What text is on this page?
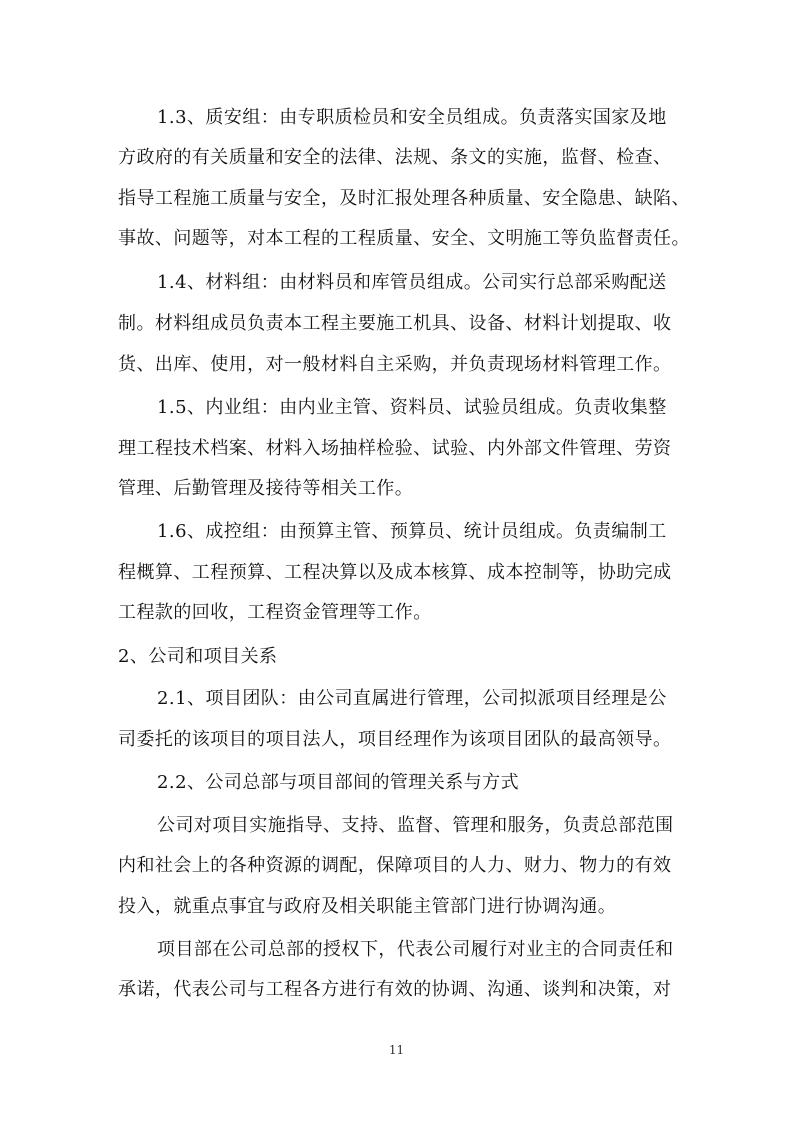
1.3、质安组：由专职质检员和安全员组成。负责落实国家及地
方政府的有关质量和安全的法律、法规、条文的实施，监督、检查、
指导工程施工质量与安全，及时汇报处理各种质量、安全隐患、缺陷、
事故、问题等，对本工程的工程质量、安全、文明施工等负监督责任。
1.4、材料组：由材料员和库管员组成。公司实行总部采购配送
制。材料组成员负责本工程主要施工机具、设备、材料计划提取、收
货、出库、使用，对一般材料自主采购，并负责现场材料管理工作。
1.5、内业组：由内业主管、资料员、试验员组成。负责收集整
理工程技术档案、材料入场抽样检验、试验、内外部文件管理、劳资
管理、后勤管理及接待等相关工作。
1.6、成控组：由预算主管、预算员、统计员组成。负责编制工
程概算、工程预算、工程决算以及成本核算、成本控制等，协助完成
工程款的回收，工程资金管理等工作。
2、公司和项目关系
2.1、项目团队：由公司直属进行管理，公司拟派项目经理是公
司委托的该项目的项目法人，项目经理作为该项目团队的最高领导。
2.2、公司总部与项目部间的管理关系与方式
公司对项目实施指导、支持、监督、管理和服务，负责总部范围
内和社会上的各种资源的调配，保障项目的人力、财力、物力的有效
投入，就重点事宜与政府及相关职能主管部门进行协调沟通。
项目部在公司总部的授权下，代表公司履行对业主的合同责任和
承诺，代表公司与工程各方进行有效的协调、沟通、谈判和决策，对
11
